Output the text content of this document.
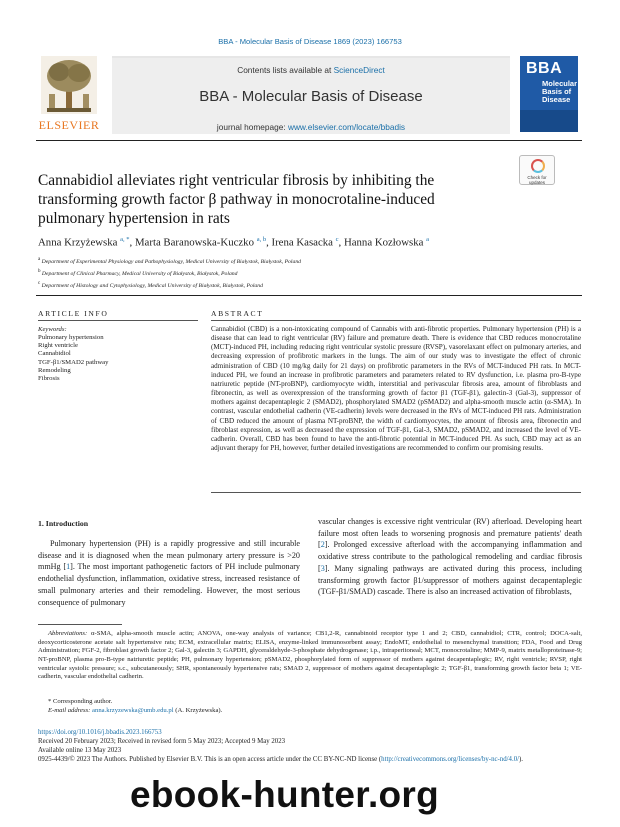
BBA - Molecular Basis of Disease 1869 (2023) 166753
ELSEVIER
Contents lists available at ScienceDirect
BBA - Molecular Basis of Disease
journal homepage: www.elsevier.com/locate/bbadis
BBA
Molecular
Basis of
Disease
Cannabidiol alleviates right ventricular fibrosis by inhibiting the transforming growth factor β pathway in monocrotaline-induced pulmonary hypertension in rats
Check for
updates
Anna Krzyżewska $^{a, *}$, Marta Baranowska-Kuczko $^{a, b}$, Irena Kasacka $^c$, Hanna Kozłowska $^a$
$^a$ Department of Experimental Physiology and Pathophysiology, Medical University of Białystok, Białystok, Poland
$^b$ Department of Clinical Pharmacy, Medical University of Białystok, Białystok, Poland
$^c$ Department of Histology and Cytophysiology, Medical University of Białystok, Białystok, Poland
ARTICLE INFO
Keywords:
Pulmonary hypertension
Right ventricle
Cannabidiol
TGF-β1/SMAD2 pathway
Remodeling
Fibrosis
ABSTRACT
Cannabidiol (CBD) is a non-intoxicating compound of Cannabis with anti-fibrotic properties. Pulmonary hypertension (PH) is a disease that can lead to right ventricular (RV) failure and premature death. There is evidence that CBD reduces monocrotaline (MCT)-induced PH, including reducing right ventricular systolic pressure (RVSP), vasorelaxant effect on pulmonary arteries, and decreasing expression of profibrotic markers in the lungs. The aim of our study was to investigate the effect of chronic administration of CBD (10 mg/kg daily for 21 days) on profibrotic parameters in the RVs of MCT-induced PH rats. In MCT-induced PH, we found an increase in profibrotic parameters and parameters related to RV dysfunction, i.e. plasma pro-B-type natriuretic peptide (NT-proBNP), cardiomyocyte width, interstitial and perivascular fibrosis area, amount of fibroblasts and fibronectin, as well as overexpression of the transforming growth of factor β1 (TGF-β1), galectin-3 (Gal-3), suppressor of mothers against decapentaplegic 2 (SMAD2), phosphorylated SMAD2 (pSMAD2) and alpha-smooth muscle actin (α-SMA). In contrast, vascular endothelial cadherin (VE-cadherin) levels were decreased in the RVs of MCT-induced PH rats. Administration of CBD reduced the amount of plasma NT-proBNP, the width of cardiomyocytes, the amount of fibrosis area, fibronectin and fibroblast expression, as well as decreased the expression of TGF-β1, Gal-3, SMAD2, pSMAD2, and increased the level of VE-cadherin. Overall, CBD has been found to have the anti-fibrotic potential in MCT-induced PH. As such, CBD may act as an adjuvant therapy for PH, however, further detailed investigations are recommended to confirm our promising results.
1. Introduction
Pulmonary hypertension (PH) is a rapidly progressive and still incurable disease and it is diagnosed when the mean pulmonary artery pressure is >20 mmHg [1]. The most important pathogenetic factors of PH include pulmonary endothelial dysfunction, inflammation, oxidative stress, increased resistance of small pulmonary arteries and their remodeling. However, the most serious consequence of pulmonary
vascular changes is excessive right ventricular (RV) afterload. Developing heart failure most often leads to worsening prognosis and premature patients' death [2]. Prolonged excessive afterload with the accompanying inflammation and oxidative stress contribute to the pathological remodeling and cardiac fibrosis [3]. Many signaling pathways are activated during this process, including transforming growth factor β1/suppressor of mothers against decapentaplegic (TGF-β1/SMAD) cascade. There is also an increased activation of fibroblasts,
Abbreviations: α-SMA, alpha-smooth muscle actin; ANOVA, one-way analysis of variance; CB1,2-R, cannabinoid receptor type 1 and 2; CBD, cannabidiol; CTR, control; DOCA-salt, deoxycorticosterone acetate salt hypertensive rats; ECM, extracellular matrix; ELISA, enzyme-linked immunosorbent assay; EndoMT, endothelial to mesenchymal transition; FDA, Food and Drug Administration; FGF-2, fibroblast growth factor 2; Gal-3, galectin 3; GAPDH, glyceraldehyde-3-phosphate dehydrogenase; i.p., intraperitoneal; MCT, monocrotaline; MMP-9, matrix metalloproteinase-9; NT-proBNP, plasma pro-B-type natriuretic peptide; PH, pulmonary hypertension; pSMAD2, phosphorylated form of suppressor of mothers against decapentaplegic; RV, right ventricle; RVSP, right ventricular systolic pressure; s.c., subcutaneously; SHR, spontaneously hypertensive rats; SMAD 2, suppressor of mothers against decapentaplegic 2; TGF-β1, transforming growth factor beta 1; VE-cadherin, vascular endothelial cadherin.
* Corresponding author.
E-mail address: anna.krzyzewska@umb.edu.pl (A. Krzyżewska).
https://doi.org/10.1016/j.bbadis.2023.166753
Received 20 February 2023; Received in revised form 5 May 2023; Accepted 9 May 2023
Available online 13 May 2023
0925-4439/© 2023 The Authors. Published by Elsevier B.V. This is an open access article under the CC BY-NC-ND license (http://creativecommons.org/licenses/by-nc-nd/4.0/).
ebook-hunter.org
